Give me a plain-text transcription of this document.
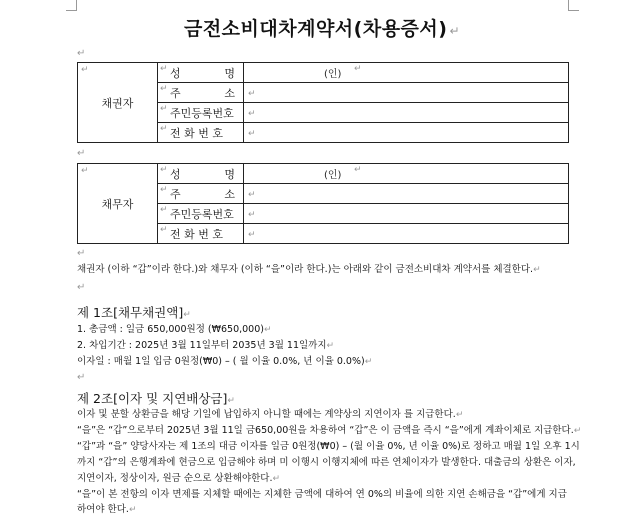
금전소비대차계약서(차용증서) ↵
↵
↵
채권자	↵ 성 명	(인) ↵

	↵ 주 소	↵

	↵ 주민등록번호	↵

	↵ 전 화 번 호	↵
↵
↵
채무자	↵ 성 명	(인) ↵

	↵ 주 소	↵

	↵ 주민등록번호	↵

	↵ 전 화 번 호	↵
↵
채권자 (이하 “갑”이라 한다.)와 채무자 (이하 “을”이라 한다.)는 아래와 같이 금전소비대차 계약서를 체결한다.↵
↵
제 1조[채무채권액]↵
1. 총금액 : 일금 650,000원정 (₩650,000)↵
2. 차입기간 : 2025년 3월 11일부터 2035년 3월 11일까지↵
이자일 : 매월 1일 입금 0원정(₩0) – ( 월 이율 0.0%, 년 이율 0.0%)↵
↵
제 2조[이자 및 지연배상금]↵
이자 및 분할 상환금을 해당 기일에 납입하지 아니할 때에는 계약상의 지연이자 를 지급한다.↵
“을”은 “갑”으로부터 2025년 3월 11일 금650,00원을 차용하여 “갑”은 이 금액을 즉시 “을”에게 계좌이체로 지급한다.↵
“갑”과 “을” 양당사자는 제 1조의 대금 이자를 일금 0원정(₩0) – (월 이율 0%, 년 이율 0%)로 정하고 매월 1일 오후 1시
까지 “갑”의 은행계좌에 현금으로 입금해야 하며 미 이행시 이행지체에 따른 연체이자가 발생한다. 대출금의 상환은 이자,
지연이자, 정상이자, 원금 순으로 상환해야한다.↵
“을”이 본 전항의 이자 면제를 지체할 때에는 지체한 금액에 대하여 연 0%의 비율에 의한 지연 손해금을 “갑”에게 지급
하여야 한다.↵
